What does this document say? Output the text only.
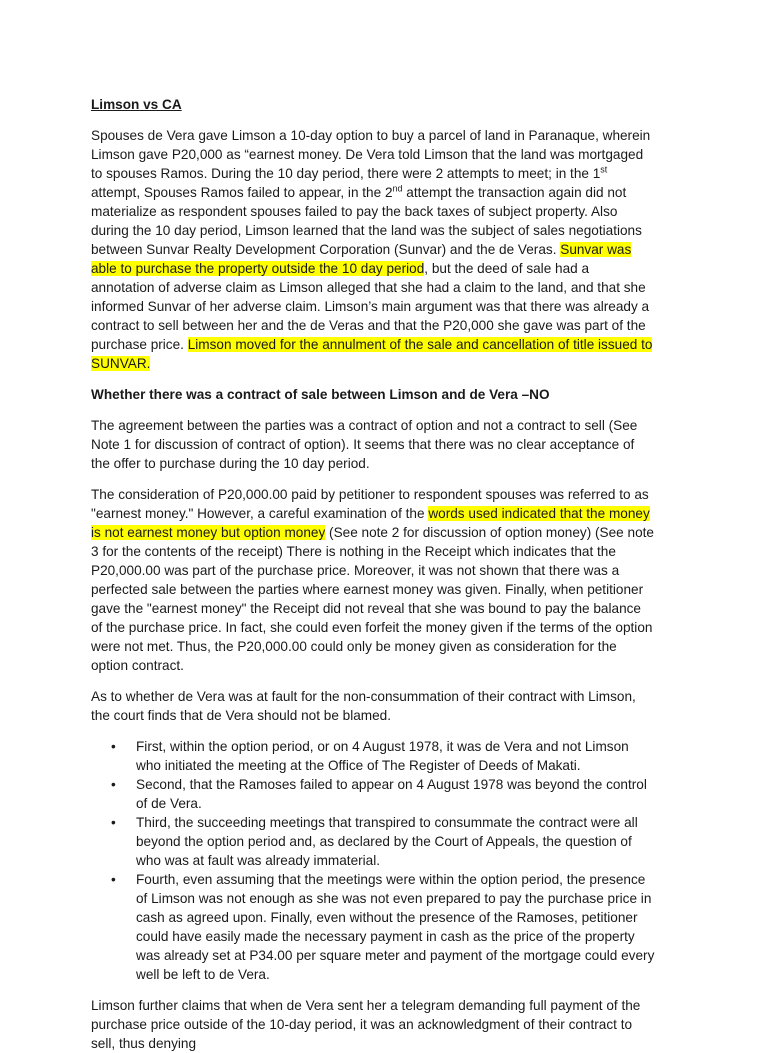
Limson vs CA

Spouses de Vera gave Limson a 10-day option to buy a parcel of land in Paranaque, wherein Limson gave P20,000 as “earnest money. De Vera told Limson that the land was mortgaged to spouses Ramos. During the 10 day period, there were 2 attempts to meet; in the 1st attempt, Spouses Ramos failed to appear, in the 2nd attempt the transaction again did not materialize as respondent spouses failed to pay the back taxes of subject property. Also during the 10 day period, Limson learned that the land was the subject of sales negotiations between Sunvar Realty Development Corporation (Sunvar) and the de Veras. Sunvar was able to purchase the property outside the 10 day period, but the deed of sale had a annotation of adverse claim as Limson alleged that she had a claim to the land, and that she informed Sunvar of her adverse claim. Limson’s main argument was that there was already a contract to sell between her and the de Veras and that the P20,000 she gave was part of the purchase price. Limson moved for the annulment of the sale and cancellation of title issued to SUNVAR.

Whether there was a contract of sale between Limson and de Vera –NO

The agreement between the parties was a contract of option and not a contract to sell (See Note 1 for discussion of contract of option). It seems that there was no clear acceptance of the offer to purchase during the 10 day period.

The consideration of P20,000.00 paid by petitioner to respondent spouses was referred to as "earnest money." However, a careful examination of the words used indicated that the money is not earnest money but option money (See note 2 for discussion of option money) (See note 3 for the contents of the receipt) There is nothing in the Receipt which indicates that the P20,000.00 was part of the purchase price. Moreover, it was not shown that there was a perfected sale between the parties where earnest money was given. Finally, when petitioner gave the "earnest money" the Receipt did not reveal that she was bound to pay the balance of the purchase price. In fact, she could even forfeit the money given if the terms of the option were not met. Thus, the P20,000.00 could only be money given as consideration for the option contract.

As to whether de Vera was at fault for the non-consummation of their contract with Limson, the court finds that de Vera should not be blamed.

• First, within the option period, or on 4 August 1978, it was de Vera and not Limson who initiated the meeting at the Office of The Register of Deeds of Makati.
• Second, that the Ramoses failed to appear on 4 August 1978 was beyond the control of de Vera.
• Third, the succeeding meetings that transpired to consummate the contract were all beyond the option period and, as declared by the Court of Appeals, the question of who was at fault was already immaterial.
• Fourth, even assuming that the meetings were within the option period, the presence of Limson was not enough as she was not even prepared to pay the purchase price in cash as agreed upon. Finally, even without the presence of the Ramoses, petitioner could have easily made the necessary payment in cash as the price of the property was already set at P34.00 per square meter and payment of the mortgage could every well be left to de Vera.

Limson further claims that when de Vera sent her a telegram demanding full payment of the purchase price outside of the 10-day period, it was an acknowledgment of their contract to sell, thus denying
